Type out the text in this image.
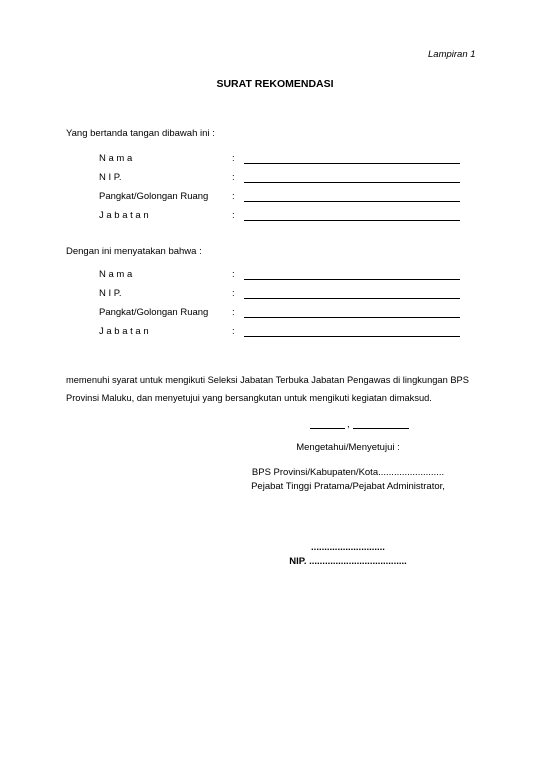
Lampiran 1
SURAT REKOMENDASI
Yang bertanda tangan dibawah ini :
N a m a	:
N I P.	:
Pangkat/Golongan Ruang :
J a b a t a n	:
Dengan ini menyatakan bahwa :
N a m a	:
N I P.	:
Pangkat/Golongan Ruang :
J a b a t a n	:
memenuhi syarat untuk mengikuti Seleksi Jabatan Terbuka Jabatan Pengawas di lingkungan BPS
Provinsi Maluku, dan menyetujui yang bersangkutan untuk mengikuti kegiatan dimaksud.
,
Mengetahui/Menyetujui :
BPS Provinsi/Kabupaten/Kota.........................
Pejabat Tinggi Pratama/Pejabat Administrator,
............................
NIP. .....................................
